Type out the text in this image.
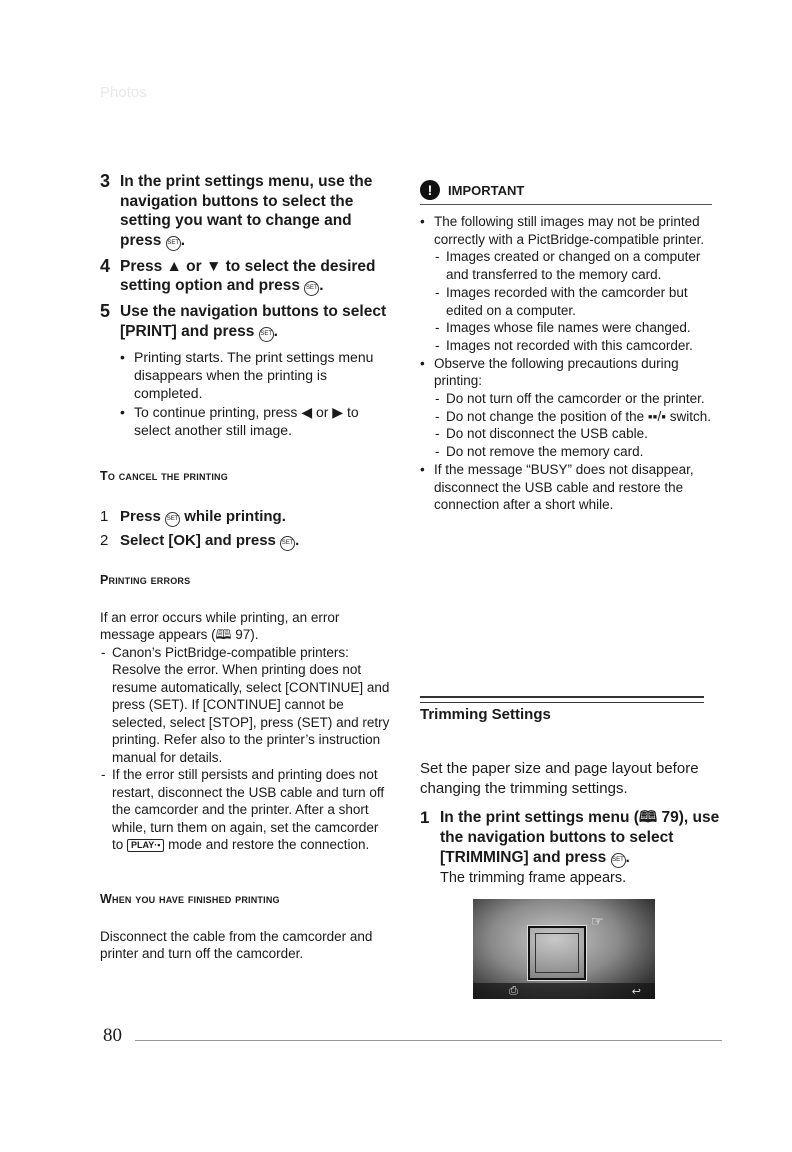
Photos
3 In the print settings menu, use the navigation buttons to select the setting you want to change and press SET .
4 Press ▲ or ▼ to select the desired setting option and press SET .
5 Use the navigation buttons to select [PRINT] and press SET .
• Printing starts. The print settings menu disappears when the printing is completed.
• To continue printing, press ◀ or ▶ to select another still image.
To cancel the printing
1 Press SET while printing.
2 Select [OK] and press SET .
Printing errors
If an error occurs while printing, an error message appears (🕮 97).
- Canon’s PictBridge-compatible printers: Resolve the error. When printing does not resume automatically, select [CONTINUE] and press (SET). If [CONTINUE] cannot be selected, select [STOP], press (SET) and retry printing. Refer also to the printer’s instruction manual for details.
- If the error still persists and printing does not restart, disconnect the USB cable and turn off the camcorder and the printer. After a short while, turn them on again, set the camcorder to PLAY·▪ mode and restore the connection.
When you have finished printing
Disconnect the cable from the camcorder and printer and turn off the camcorder.
!	IMPORTANT
• The following still images may not be printed correctly with a PictBridge-compatible printer.
- Images created or changed on a computer and transferred to the memory card.
- Images recorded with the camcorder but edited on a computer.
- Images whose file names were changed.
- Images not recorded with this camcorder.
• Observe the following precautions during printing:
- Do not turn off the camcorder or the printer.
- Do not change the position of the ▪▪/▪ switch.
- Do not disconnect the USB cable.
- Do not remove the memory card.
• If the message “BUSY” does not disappear, disconnect the USB cable and restore the connection after a short while.
Trimming Settings
Set the paper size and page layout before changing the trimming settings.
1 In the print settings menu (🕮 79), use the navigation buttons to select [TRIMMING] and press SET .
The trimming frame appears.
☞
⎙	↩
80
